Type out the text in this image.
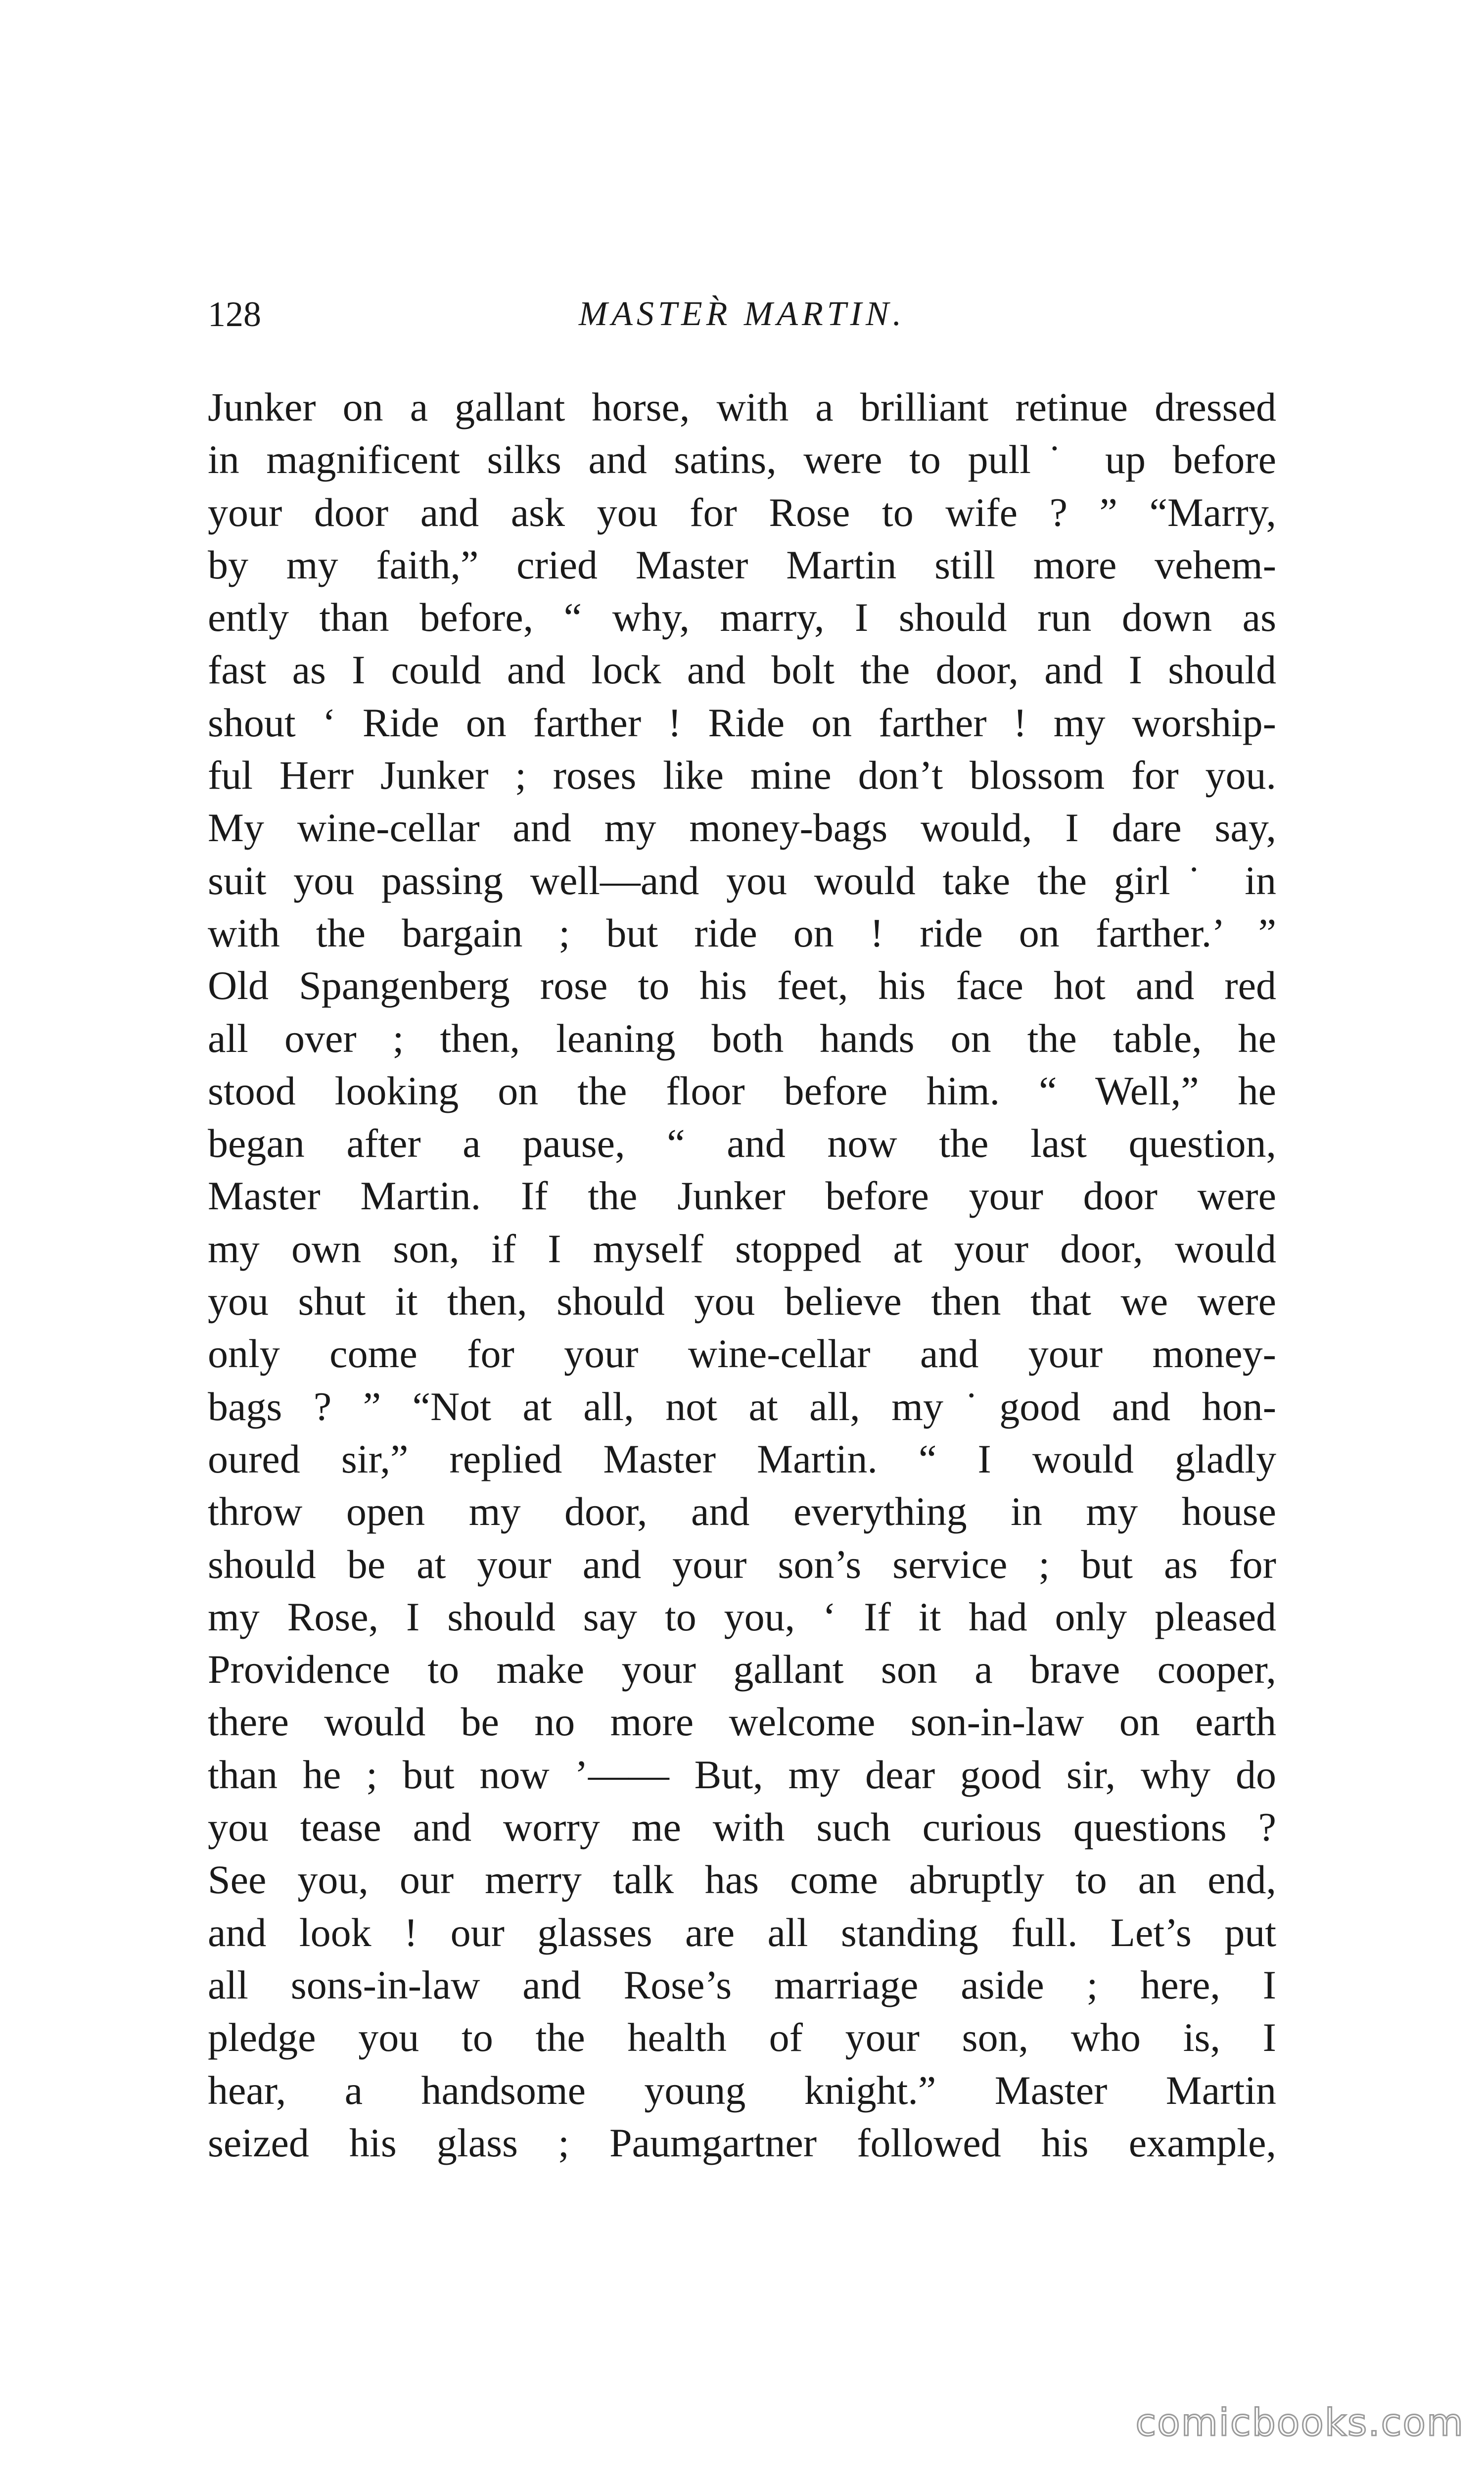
128	MASTER̀ MARTIN.
Junker on a gallant horse, with a brilliant retinue dressed
in magnificent silks and satins, were to pull˙ up before
your door and ask you for Rose to wife ? ” “Marry,
by my faith,” cried Master Martin still more vehem-
ently than before, “ why, marry, I should run down as
fast as I could and lock and bolt the door, and I should
shout ‘ Ride on farther ! Ride on farther ! my worship-
ful Herr Junker ; roses like mine don’t blossom for you.
My wine-cellar and my money-bags would, I dare say,
suit you passing well—and you would take the girl˙ in
with the bargain ; but ride on ! ride on farther.’ ”
Old Spangenberg rose to his feet, his face hot and red
all over ; then, leaning both hands on the table, he
stood looking on the floor before him. “ Well,” he
began after a pause, “ and now the last question,
Master Martin. If the Junker before your door were
my own son, if I myself stopped at your door, would
you shut it then, should you believe then that we were
only come for your wine-cellar and your money-
bags ? ” “Not at all, not at all, my˙good and hon-
oured sir,” replied Master Martin. “ I would gladly
throw open my door, and everything in my house
should be at your and your son’s service ; but as for
my Rose, I should say to you, ‘ If it had only pleased
Providence to make your gallant son a brave cooper,
there would be no more welcome son-in-law on earth
than he ; but now ’—— But, my dear good sir, why do
you tease and worry me with such curious questions ?
See you, our merry talk has come abruptly to an end,
and look ! our glasses are all standing full. Let’s put
all sons-in-law and Rose’s marriage aside ; here, I
pledge you to the health of your son, who is, I
hear, a handsome young knight.” Master Martin
seized his glass ; Paumgartner followed his example,
comicbooks.com
